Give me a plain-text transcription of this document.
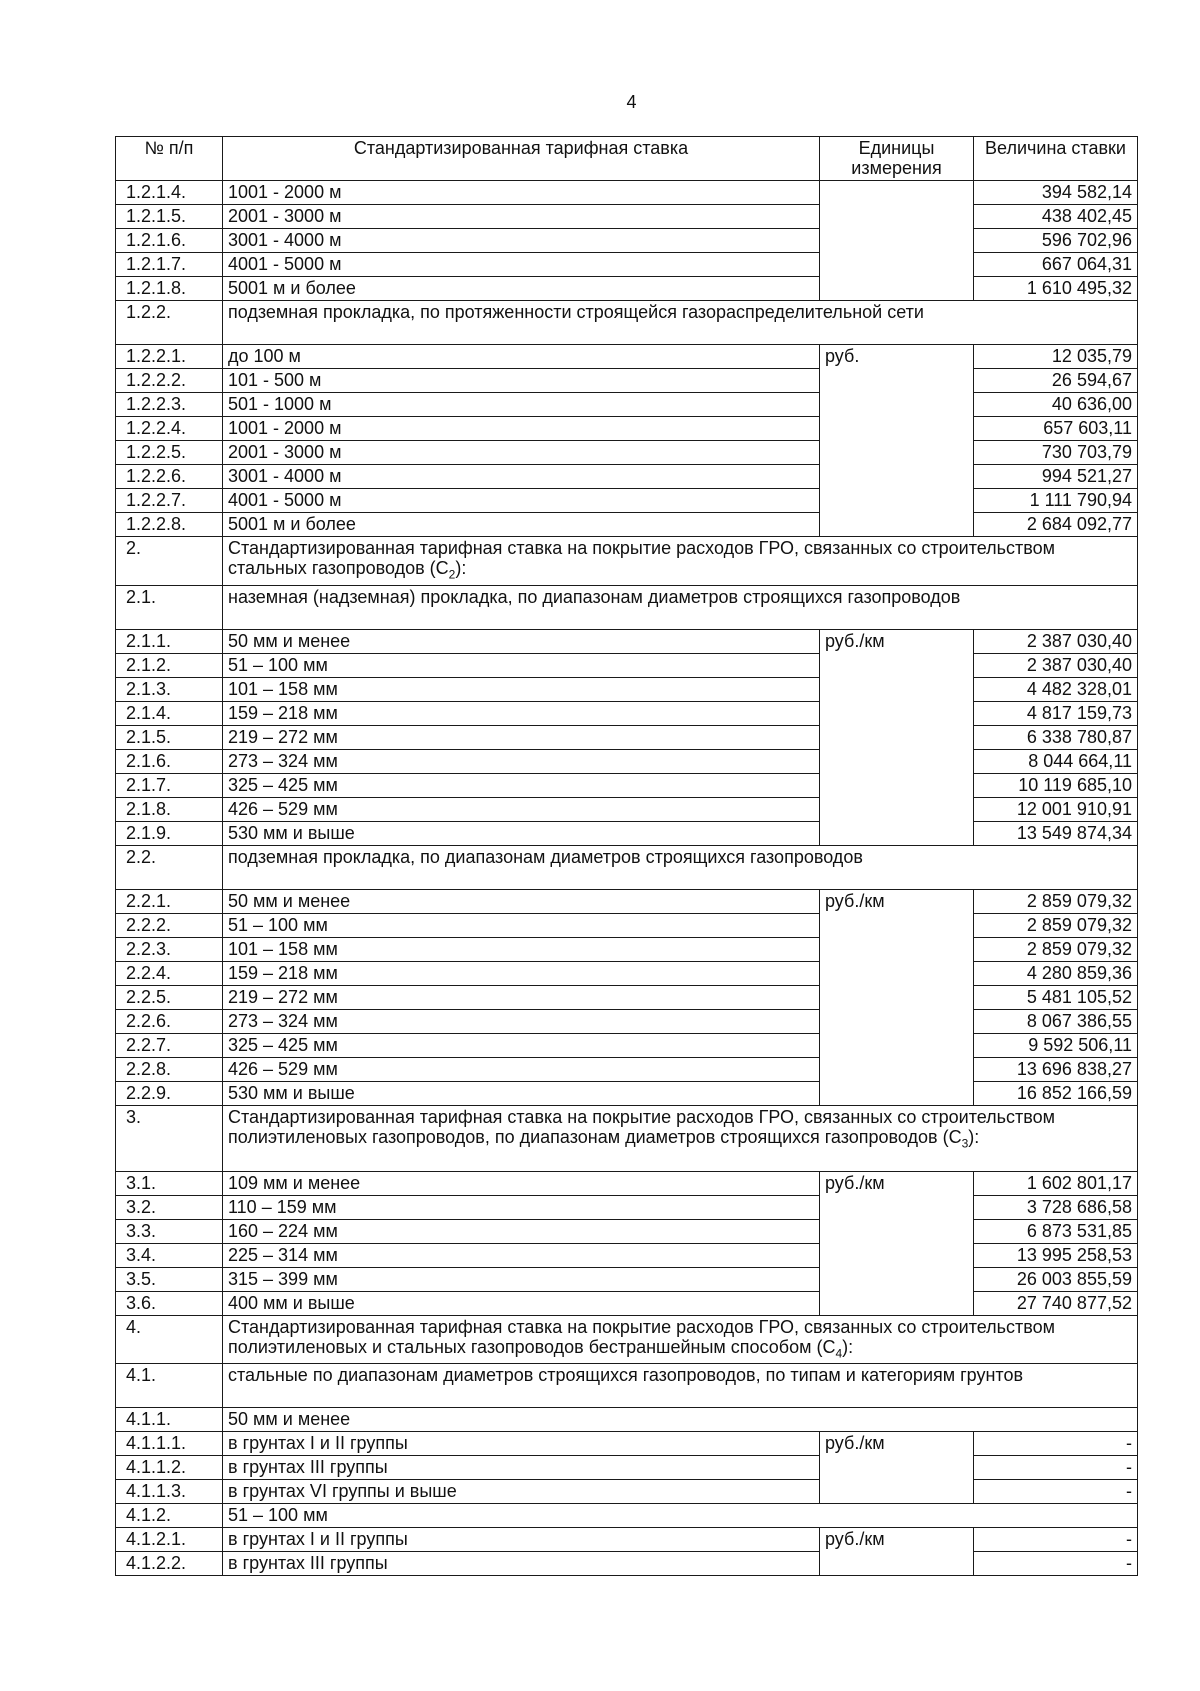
4
№ п/п	Стандартизированная тарифная ставка	Единицы измерения	Величина ставки
1.2.1.4.	1001 - 2000 м		394 582,14
1.2.1.5.	2001 - 3000 м		438 402,45
1.2.1.6.	3001 - 4000 м		596 702,96
1.2.1.7.	4001 - 5000 м		667 064,31
1.2.1.8.	5001 м и более		1 610 495,32
1.2.2.	подземная прокладка, по протяженности строящейся газораспределительной сети		
1.2.2.1.	до 100 м	руб.	12 035,79
1.2.2.2.	101 - 500 м		26 594,67
1.2.2.3.	501 - 1000 м		40 636,00
1.2.2.4.	1001 - 2000 м		657 603,11
1.2.2.5.	2001 - 3000 м		730 703,79
1.2.2.6.	3001 - 4000 м		994 521,27
1.2.2.7.	4001 - 5000 м		1 111 790,94
1.2.2.8.	5001 м и более		2 684 092,77
2.	Стандартизированная тарифная ставка на покрытие расходов ГРО, связанных со строительством стальных газопроводов $(С_2)$:		
2.1.	наземная (надземная) прокладка, по диапазонам диаметров строящихся газопроводов		
2.1.1.	50 мм и менее	руб./км	2 387 030,40
2.1.2.	51 – 100 мм		2 387 030,40
2.1.3.	101 – 158 мм		4 482 328,01
2.1.4.	159 – 218 мм		4 817 159,73
2.1.5.	219 – 272 мм		6 338 780,87
2.1.6.	273 – 324 мм		8 044 664,11
2.1.7.	325 – 425 мм		10 119 685,10
2.1.8.	426 – 529 мм		12 001 910,91
2.1.9.	530 мм и выше		13 549 874,34
2.2.	подземная прокладка, по диапазонам диаметров строящихся газопроводов		
2.2.1.	50 мм и менее	руб./км	2 859 079,32
2.2.2.	51 – 100 мм		2 859 079,32
2.2.3.	101 – 158 мм		2 859 079,32
2.2.4.	159 – 218 мм		4 280 859,36
2.2.5.	219 – 272 мм		5 481 105,52
2.2.6.	273 – 324 мм		8 067 386,55
2.2.7.	325 – 425 мм		9 592 506,11
2.2.8.	426 – 529 мм		13 696 838,27
2.2.9.	530 мм и выше		16 852 166,59
3.	Стандартизированная тарифная ставка на покрытие расходов ГРО, связанных со строительством полиэтиленовых газопроводов, по диапазонам диаметров строящихся газопроводов $(С_3)$:		
3.1.	109 мм и менее	руб./км	1 602 801,17
3.2.	110 – 159 мм		3 728 686,58
3.3.	160 – 224 мм		6 873 531,85
3.4.	225 – 314 мм		13 995 258,53
3.5.	315 – 399 мм		26 003 855,59
3.6.	400 мм и выше		27 740 877,52
4.	Стандартизированная тарифная ставка на покрытие расходов ГРО, связанных со строительством полиэтиленовых и стальных газопроводов бестраншейным способом $(С_4)$:		
4.1.	стальные по диапазонам диаметров строящихся газопроводов, по типам и категориям грунтов		
4.1.1.	50 мм и менее		
4.1.1.1.	в грунтах I и II группы	руб./км	-
4.1.1.2.	в грунтах III группы		-
4.1.1.3.	в грунтах VI группы и выше		-
4.1.2.	51 – 100 мм		
4.1.2.1.	в грунтах I и II группы	руб./км	-
4.1.2.2.	в грунтах III группы		-
